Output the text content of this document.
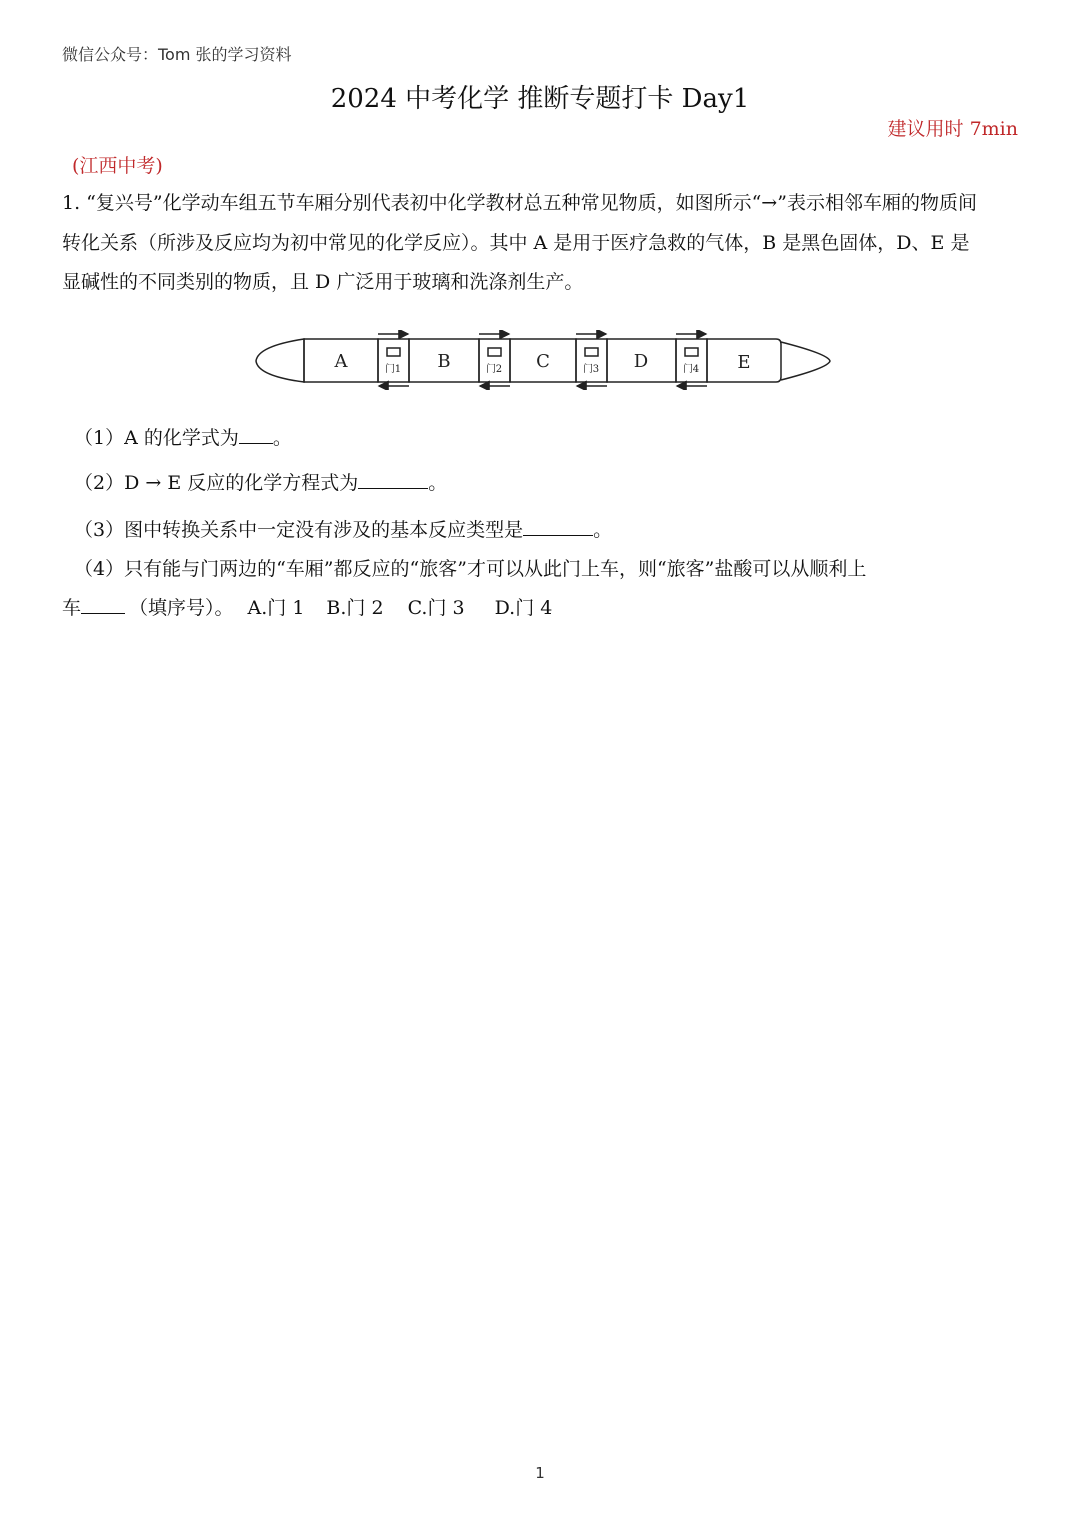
微信公众号：Tom 张的学习资料
2024 中考化学 推断专题打卡 Day1
建议用时 7min
(江西中考)
1. “复兴号”化学动车组五节车厢分别代表初中化学教材总五种常见物质，如图所示“→”表示相邻车厢的物质间
转化关系（所涉及反应均为初中常见的化学反应）。其中 A 是用于医疗急救的气体，B 是黑色固体，D、E 是
显碱性的不同类别的物质，且 D 广泛用于玻璃和洗涤剂生产。
A	B	C	D	E
门1	门2	门3	门4
（1）A 的化学式为 。
（2）D → E 反应的化学方程式为	。
（3）图中转换关系中一定没有涉及的基本反应类型是	。
（4）只有能与门两边的“车厢”都反应的“旅客”才可以从此门上车，则“旅客”盐酸可以从顺利上
车	（填序号）。 A.门 1 B.门 2 C.门 3 D.门 4
1
